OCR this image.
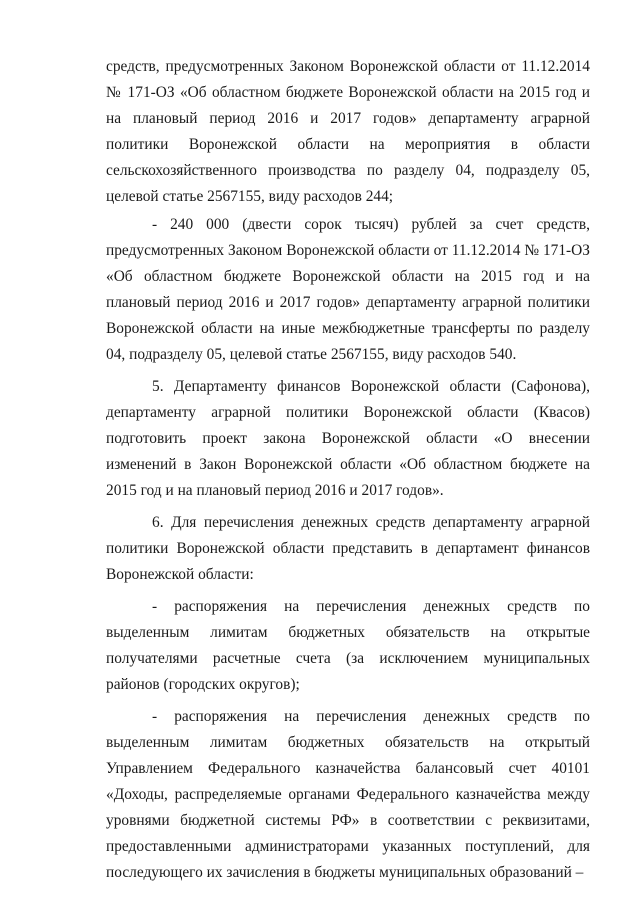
средств, предусмотренных Законом Воронежской области от 11.12.2014 № 171-ОЗ «Об областном бюджете Воронежской области на 2015 год и на плановый период 2016 и 2017 годов» департаменту аграрной политики Воронежской области на мероприятия в области сельскохозяйственного производства по разделу 04, подразделу 05, целевой статье 2567155, виду расходов 244;

- 240 000 (двести сорок тысяч) рублей за счет средств, предусмотренных Законом Воронежской области от 11.12.2014 № 171-ОЗ «Об областном бюджете Воронежской области на 2015 год и на плановый период 2016 и 2017 годов» департаменту аграрной политики Воронежской области на иные межбюджетные трансферты по разделу 04, подразделу 05, целевой статье 2567155, виду расходов 540.

5. Департаменту финансов Воронежской области (Сафонова), департаменту аграрной политики Воронежской области (Квасов) подготовить проект закона Воронежской области «О внесении изменений в Закон Воронежской области «Об областном бюджете на 2015 год и на плановый период 2016 и 2017 годов».

6. Для перечисления денежных средств департаменту аграрной политики Воронежской области представить в департамент финансов Воронежской области:

- распоряжения на перечисления денежных средств по выделенным лимитам бюджетных обязательств на открытые получателями расчетные счета (за исключением муниципальных районов (городских округов);

- распоряжения на перечисления денежных средств по выделенным лимитам бюджетных обязательств на открытый Управлением Федерального казначейства балансовый счет 40101 «Доходы, распределяемые органами Федерального казначейства между уровнями бюджетной системы РФ» в соответствии с реквизитами, предоставленными администраторами указанных поступлений, для последующего их зачисления в бюджеты муниципальных образований –
